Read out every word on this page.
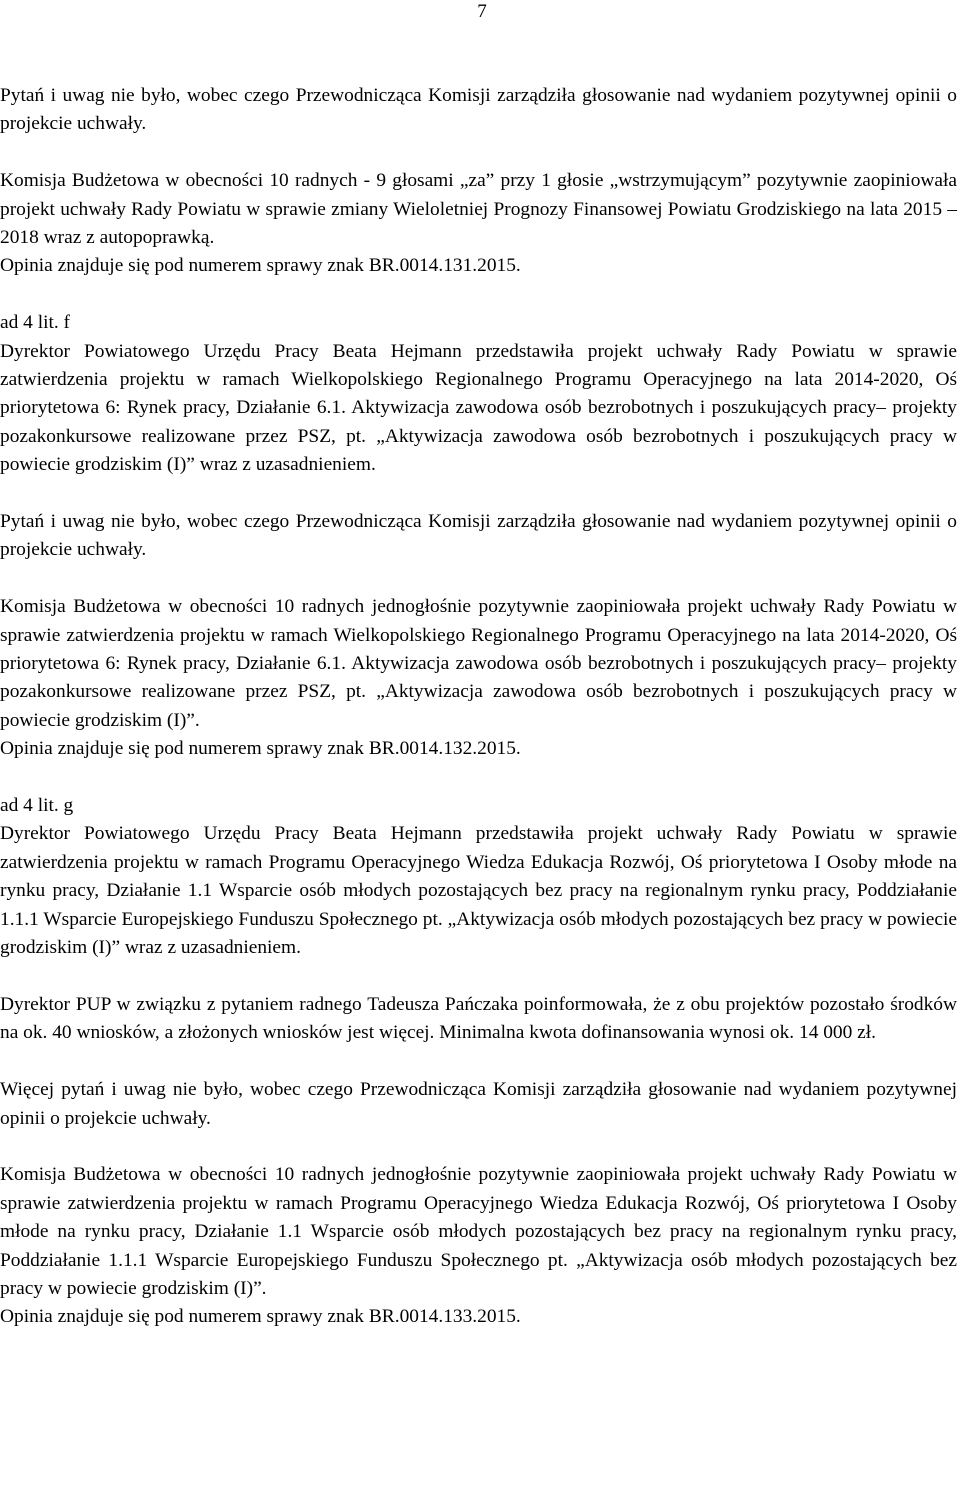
7

Pytań i uwag nie było, wobec czego Przewodnicząca Komisji zarządziła głosowanie nad wydaniem pozytywnej opinii o projekcie uchwały.

Komisja Budżetowa w obecności 10 radnych - 9 głosami „za” przy 1 głosie „wstrzymującym” pozytywnie zaopiniowała projekt uchwały Rady Powiatu w sprawie zmiany Wieloletniej Prognozy Finansowej Powiatu Grodziskiego na lata 2015 – 2018 wraz z autopoprawką.

Opinia znajduje się pod numerem sprawy znak BR.0014.131.2015.

ad 4 lit. f

Dyrektor Powiatowego Urzędu Pracy Beata Hejmann przedstawiła projekt uchwały Rady Powiatu w sprawie zatwierdzenia projektu w ramach Wielkopolskiego Regionalnego Programu Operacyjnego na lata 2014-2020, Oś priorytetowa 6: Rynek pracy, Działanie 6.1. Aktywizacja zawodowa osób bezrobotnych i poszukujących pracy– projekty pozakonkursowe realizowane przez PSZ, pt. „Aktywizacja zawodowa osób bezrobotnych i poszukujących pracy w powiecie grodziskim (I)” wraz z uzasadnieniem.

Pytań i uwag nie było, wobec czego Przewodnicząca Komisji zarządziła głosowanie nad wydaniem pozytywnej opinii o projekcie uchwały.

Komisja Budżetowa w obecności 10 radnych jednogłośnie pozytywnie zaopiniowała projekt uchwały Rady Powiatu w sprawie zatwierdzenia projektu w ramach Wielkopolskiego Regionalnego Programu Operacyjnego na lata 2014-2020, Oś priorytetowa 6: Rynek pracy, Działanie 6.1. Aktywizacja zawodowa osób bezrobotnych i poszukujących pracy– projekty pozakonkursowe realizowane przez PSZ, pt. „Aktywizacja zawodowa osób bezrobotnych i poszukujących pracy w powiecie grodziskim (I)”.

Opinia znajduje się pod numerem sprawy znak BR.0014.132.2015.

ad 4 lit. g

Dyrektor Powiatowego Urzędu Pracy Beata Hejmann przedstawiła projekt uchwały Rady Powiatu w sprawie zatwierdzenia projektu w ramach Programu Operacyjnego Wiedza Edukacja Rozwój, Oś priorytetowa I Osoby młode na rynku pracy, Działanie 1.1 Wsparcie osób młodych pozostających bez pracy na regionalnym rynku pracy, Poddziałanie 1.1.1 Wsparcie Europejskiego Funduszu Społecznego pt. „Aktywizacja osób młodych pozostających bez pracy w powiecie grodziskim (I)” wraz z uzasadnieniem.

Dyrektor PUP w związku z pytaniem radnego Tadeusza Pańczaka poinformowała, że z obu projektów pozostało środków na ok. 40 wniosków, a złożonych wniosków jest więcej. Minimalna kwota dofinansowania wynosi ok. 14 000 zł.

Więcej pytań i uwag nie było, wobec czego Przewodnicząca Komisji zarządziła głosowanie nad wydaniem pozytywnej opinii o projekcie uchwały.

Komisja Budżetowa w obecności 10 radnych jednogłośnie pozytywnie zaopiniowała projekt uchwały Rady Powiatu w sprawie zatwierdzenia projektu w ramach Programu Operacyjnego Wiedza Edukacja Rozwój, Oś priorytetowa I Osoby młode na rynku pracy, Działanie 1.1 Wsparcie osób młodych pozostających bez pracy na regionalnym rynku pracy, Poddziałanie 1.1.1 Wsparcie Europejskiego Funduszu Społecznego pt. „Aktywizacja osób młodych pozostających bez pracy w powiecie grodziskim (I)”.

Opinia znajduje się pod numerem sprawy znak BR.0014.133.2015.
